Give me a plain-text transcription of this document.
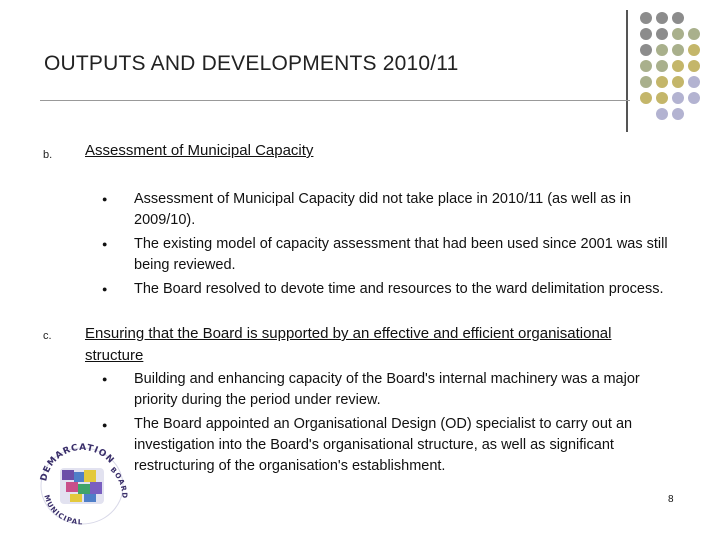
OUTPUTS AND DEVELOPMENTS 2010/11
b. Assessment of Municipal Capacity
● Assessment of Municipal Capacity did not take place in 2010/11 (as well as in 2009/10).
● The existing model of capacity assessment that had been used since 2001 was still being reviewed.
● The Board resolved to devote time and resources to the ward delimitation process.
c. Ensuring that the Board is supported by an effective and efficient organisational structure
● Building and enhancing capacity of the Board's internal machinery was a major priority during the period under review.
● The Board appointed an Organisational Design (OD) specialist to carry out an investigation into the Board's organisational structure, as well as significant restructuring of the organisation's establishment.
DEMARCATION
MUNICIPAL
BOARD	8
